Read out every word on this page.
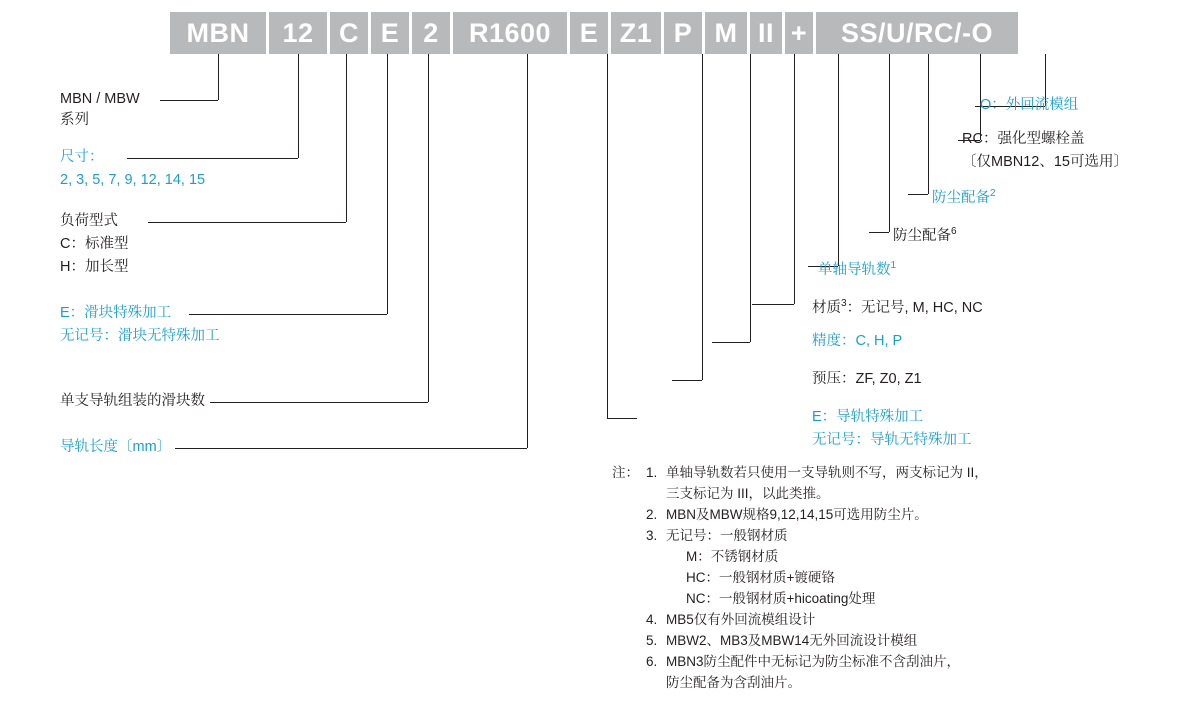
MBN	12 C E 2	R1600	E Z1 P M II +	SS/U/RC/-O
MBN / MBW
系列
尺寸：
2, 3, 5, 7, 9, 12, 14, 15
负荷型式
C：标准型
H：加长型
E：滑块特殊加工
无记号：滑块无特殊加工
单支导轨组装的滑块数
导轨长度〔mm〕
O：外回流模组
RC：强化型螺栓盖
〔仅MBN12、15可选用〕
防尘配备$^2$
防尘配备$^6$
单轴导轨数$^1$
材质$^3$：无记号, M, HC, NC
精度：C, H, P
预压：ZF, Z0, Z1
E：导轨特殊加工
无记号：导轨无特殊加工
注： 1. 单轴导轨数若只使用一支导轨则不写，两支标记为 II，
三支标记为 III，以此类推。
2. MBN及MBW规格9,12,14,15可选用防尘片。
3. 无记号：一般钢材质
M：不锈钢材质
HC：一般钢材质+镀硬铬
NC：一般钢材质+hicoating处理
4. MB5仅有外回流模组设计
5. MBW2、MB3及MBW14无外回流设计模组
6. MBN3防尘配件中无标记为防尘标准不含刮油片，
防尘配备为含刮油片。
